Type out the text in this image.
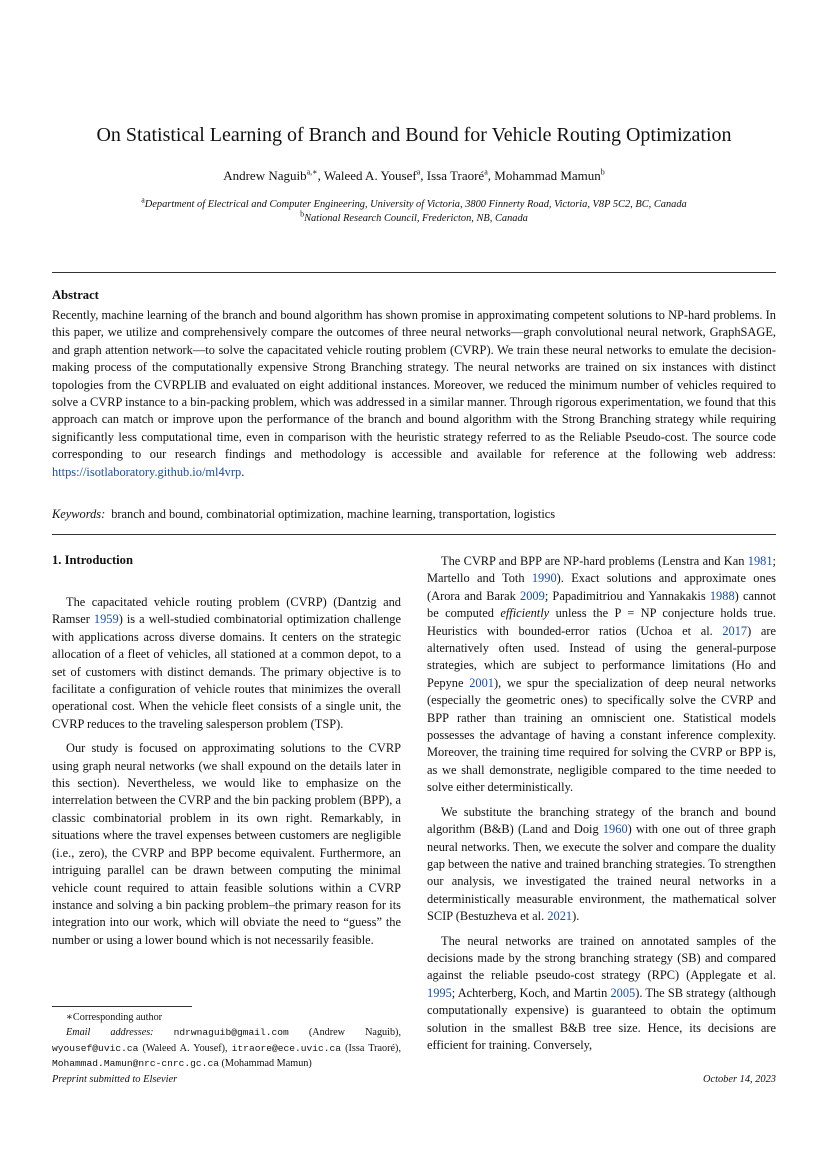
On Statistical Learning of Branch and Bound for Vehicle Routing Optimization
Andrew Naguib$^{a,∗}$, Waleed A. Yousef$^a$, Issa Traoré$^a$, Mohammad Mamun$^b$
$^a$Department of Electrical and Computer Engineering, University of Victoria, 3800 Finnerty Road, Victoria, V8P 5C2, BC, Canada
$^b$National Research Council, Fredericton, NB, Canada
Abstract
Recently, machine learning of the branch and bound algorithm has shown promise in approximating competent solutions to NP-hard problems. In this paper, we utilize and comprehensively compare the outcomes of three neural networks—graph convolutional neural network, GraphSAGE, and graph attention network—to solve the capacitated vehicle routing problem (CVRP). We train these neural networks to emulate the decision-making process of the computationally expensive Strong Branching strategy. The neural networks are trained on six instances with distinct topologies from the CVRPLIB and evaluated on eight additional instances. Moreover, we reduced the minimum number of vehicles required to solve a CVRP instance to a bin-packing problem, which was addressed in a similar manner. Through rigorous experimentation, we found that this approach can match or improve upon the performance of the branch and bound algorithm with the Strong Branching strategy while requiring significantly less computational time, even in comparison with the heuristic strategy referred to as the Reliable Pseudo-cost. The source code corresponding to our research findings and methodology is accessible and available for reference at the following web address: https://isotlaboratory.github.io/ml4vrp.
Keywords: branch and bound, combinatorial optimization, machine learning, transportation, logistics
1. Introduction

The capacitated vehicle routing problem (CVRP) (Dantzig and Ramser 1959) is a well-studied combinatorial optimization challenge with applications across diverse domains. It centers on the strategic allocation of a fleet of vehicles, all stationed at a common depot, to a set of customers with distinct demands. The primary objective is to facilitate a configuration of vehicle routes that minimizes the overall operational cost. When the vehicle fleet consists of a single unit, the CVRP reduces to the traveling salesperson problem (TSP).

Our study is focused on approximating solutions to the CVRP using graph neural networks (we shall expound on the details later in this section). Nevertheless, we would like to emphasize on the interrelation between the CVRP and the bin packing problem (BPP), a classic combinatorial problem in its own right. Remarkably, in situations where the travel expenses between customers are negligible (i.e., zero), the CVRP and BPP become equivalent. Furthermore, an intriguing parallel can be drawn between computing the minimal vehicle count required to attain feasible solutions within a CVRP instance and solving a bin packing problem–the primary reason for its integration into our work, which will obviate the need to “guess” the number or using a lower bound which is not necessarily feasible.

The CVRP and BPP are NP-hard problems (Lenstra and Kan 1981; Martello and Toth 1990). Exact solutions and approximate ones (Arora and Barak 2009; Papadimitriou and Yannakakis 1988) cannot be computed efficiently unless the P = NP conjecture holds true. Heuristics with bounded-error ratios (Uchoa et al. 2017) are alternatively often used. Instead of using the general-purpose strategies, which are subject to performance limitations (Ho and Pepyne 2001), we spur the specialization of deep neural networks (especially the geometric ones) to specifically solve the CVRP and BPP rather than training an omniscient one. Statistical models possesses the advantage of having a constant inference complexity. Moreover, the training time required for solving the CVRP or BPP is, as we shall demonstrate, negligible compared to the time needed to solve either deterministically.

We substitute the branching strategy of the branch and bound algorithm (B&B) (Land and Doig 1960) with one out of three graph neural networks. Then, we execute the solver and compare the duality gap between the native and trained branching strategies. To strengthen our analysis, we investigated the trained neural networks in a deterministically measurable environment, the mathematical solver SCIP (Bestuzheva et al. 2021).

The neural networks are trained on annotated samples of the decisions made by the strong branching strategy (SB) and compared against the reliable pseudo-cost strategy (RPC) (Applegate et al. 1995; Achterberg, Koch, and Martin 2005). The SB strategy (although computationally expensive) is guaranteed to obtain the optimum solution in the smallest B&B tree size. Hence, its decisions are efficient for training. Conversely,

∗Corresponding author
Email addresses: ndrwnaguib@gmail.com (Andrew Naguib), wyousef@uvic.ca (Waleed A. Yousef), itraore@ece.uvic.ca (Issa Traoré), Mohammad.Mamun@nrc-cnrc.gc.ca (Mohammad Mamun)
Preprint submitted to Elsevier	October 14, 2023
